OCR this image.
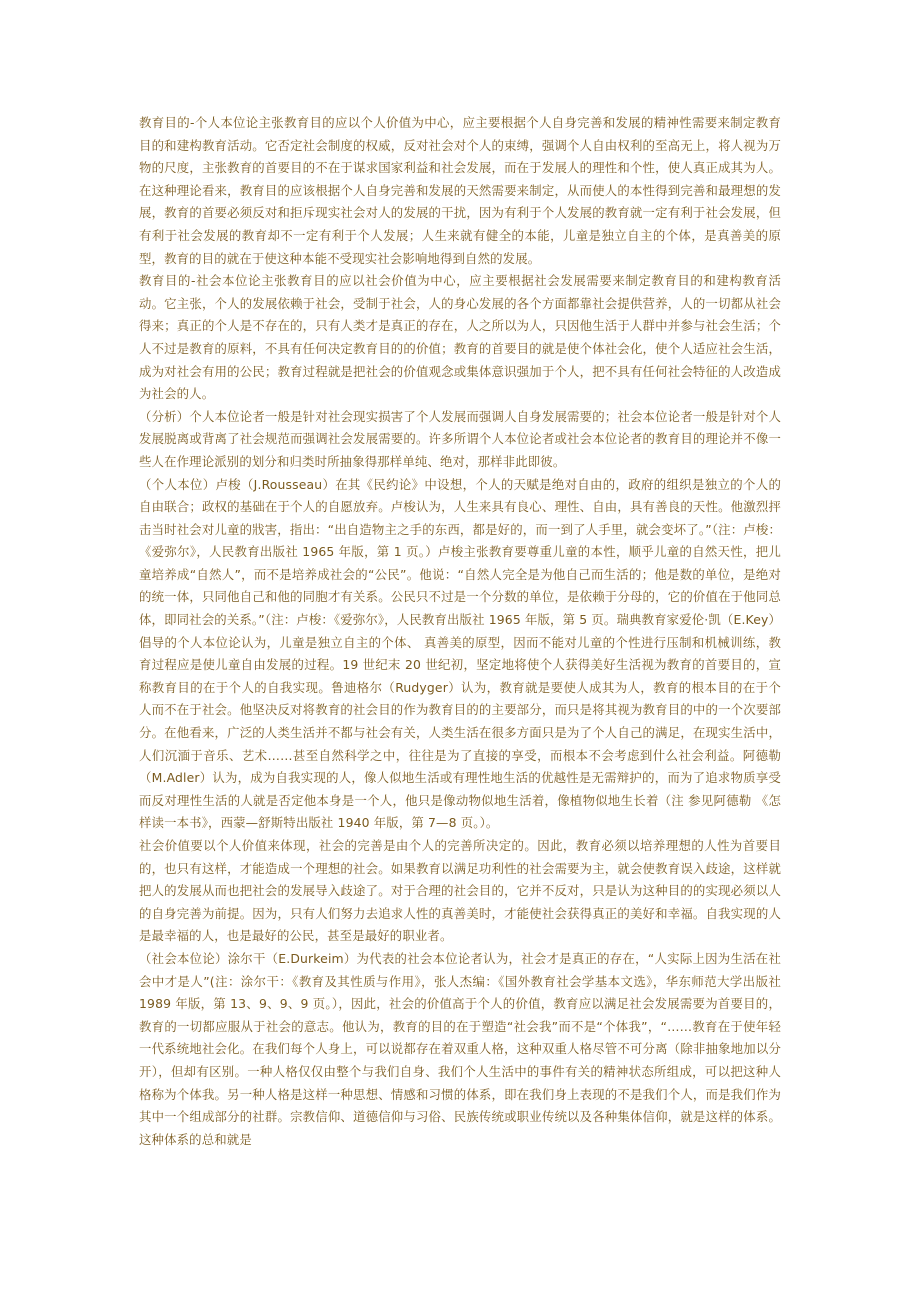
教育目的-个人本位论主张教育目的应以个人价值为中心，应主要根据个人自身完善和发展的精神性需要来制定教育目的和建构教育活动。它否定社会制度的权威，反对社会对个人的束缚，强调个人自由权利的至高无上，将人视为万物的尺度，主张教育的首要目的不在于谋求国家利益和社会发展，而在于发展人的理性和个性，使人真正成其为人。在这种理论看来，教育目的应该根据个人自身完善和发展的天然需要来制定，从而使人的本性得到完善和最理想的发展，教育的首要必须反对和拒斥现实社会对人的发展的干扰，因为有利于个人发展的教育就一定有利于社会发展，但有利于社会发展的教育却不一定有利于个人发展；人生来就有健全的本能，儿童是独立自主的个体，是真善美的原型，教育的目的就在于使这种本能不受现实社会影响地得到自然的发展。

教育目的-社会本位论主张教育目的应以社会价值为中心，应主要根据社会发展需要来制定教育目的和建构教育活动。它主张，个人的发展依赖于社会，受制于社会，人的身心发展的各个方面都靠社会提供营养，人的一切都从社会得来；真正的个人是不存在的，只有人类才是真正的存在，人之所以为人，只因他生活于人群中并参与社会生活；个人不过是教育的原料，不具有任何决定教育目的的价值；教育的首要目的就是使个体社会化，使个人适应社会生活，成为对社会有用的公民；教育过程就是把社会的价值观念或集体意识强加于个人，把不具有任何社会特征的人改造成为社会的人。

（分析）个人本位论者一般是针对社会现实损害了个人发展而强调人自身发展需要的；社会本位论者一般是针对个人发展脱离或背离了社会规范而强调社会发展需要的。许多所谓个人本位论者或社会本位论者的教育目的理论并不像一些人在作理论派别的划分和归类时所抽象得那样单纯、绝对，那样非此即彼。

（个人本位）卢梭（J.Rousseau）在其《民约论》中设想，个人的天赋是绝对自由的，政府的组织是独立的个人的自由联合；政权的基础在于个人的自愿放弃。卢梭认为，人生来具有良心、理性、自由，具有善良的天性。他激烈抨击当时社会对儿童的戕害，指出：“出自造物主之手的东西，都是好的，而一到了人手里，就会变坏了。”（注：卢梭：《爱弥尔》，人民教育出版社 1965 年版，第 1 页。）卢梭主张教育要尊重儿童的本性，顺乎儿童的自然天性，把儿童培养成“自然人”，而不是培养成社会的“公民”。他说：“自然人完全是为他自己而生活的；他是数的单位，是绝对的统一体，只同他自己和他的同胞才有关系。公民只不过是一个分数的单位，是依赖于分母的，它的价值在于他同总体，即同社会的关系。”（注：卢梭：《爱弥尔》，人民教育出版社 1965 年版，第 5 页。瑞典教育家爱伦·凯（E.Key）倡导的个人本位论认为，儿童是独立自主的个体、 真善美的原型，因而不能对儿童的个性进行压制和机械训练，教育过程应是使儿童自由发展的过程。19 世纪末 20 世纪初，坚定地将使个人获得美好生活视为教育的首要目的，宣称教育目的在于个人的自我实现。鲁迪格尔（Rudyger）认为，教育就是要使人成其为人，教育的根本目的在于个人而不在于社会。他坚决反对将教育的社会目的作为教育目的的主要部分，而只是将其视为教育目的中的一个次要部分。在他看来，广泛的人类生活并不都与社会有关，人类生活在很多方面只是为了个人自己的满足，在现实生活中，人们沉湎于音乐、艺术……甚至自然科学之中，往往是为了直接的享受，而根本不会考虑到什么社会利益。阿德勒（M.Adler）认为，成为自我实现的人，像人似地生活或有理性地生活的优越性是无需辩护的，而为了追求物质享受而反对理性生活的人就是否定他本身是一个人，他只是像动物似地生活着，像植物似地生长着（注 参见阿德勒 《怎样读一本书》，西蒙—舒斯特出版社 1940 年版，第 7—8 页。）。

社会价值要以个人价值来体现，社会的完善是由个人的完善所决定的。因此，教育必须以培养理想的人性为首要目的，也只有这样，才能造成一个理想的社会。如果教育以满足功利性的社会需要为主，就会使教育误入歧途，这样就把人的发展从而也把社会的发展导入歧途了。对于合理的社会目的，它并不反对，只是认为这种目的的实现必须以人的自身完善为前提。因为，只有人们努力去追求人性的真善美时，才能使社会获得真正的美好和幸福。自我实现的人是最幸福的人，也是最好的公民，甚至是最好的职业者。

（社会本位论）涂尔干（E.Durkeim）为代表的社会本位论者认为，社会才是真正的存在，“人实际上因为生活在社会中才是人”(注：涂尔干：《教育及其性质与作用》，张人杰编：《国外教育社会学基本文选》，华东师范大学出版社 1989 年版，第 13、9、9、9 页。），因此，社会的价值高于个人的价值，教育应以满足社会发展需要为首要目的，教育的一切都应服从于社会的意志。他认为，教育的目的在于塑造“社会我”而不是“个体我”，“……教育在于使年轻一代系统地社会化。在我们每个人身上，可以说都存在着双重人格，这种双重人格尽管不可分离（除非抽象地加以分开），但却有区别。一种人格仅仅由整个与我们自身、我们个人生活中的事件有关的精神状态所组成，可以把这种人格称为个体我。另一种人格是这样一种思想、情感和习惯的体系，即在我们身上表现的不是我们个人，而是我们作为其中一个组成部分的社群。宗教信仰、道德信仰与习俗、民族传统或职业传统以及各种集体信仰，就是这样的体系。这种体系的总和就是
